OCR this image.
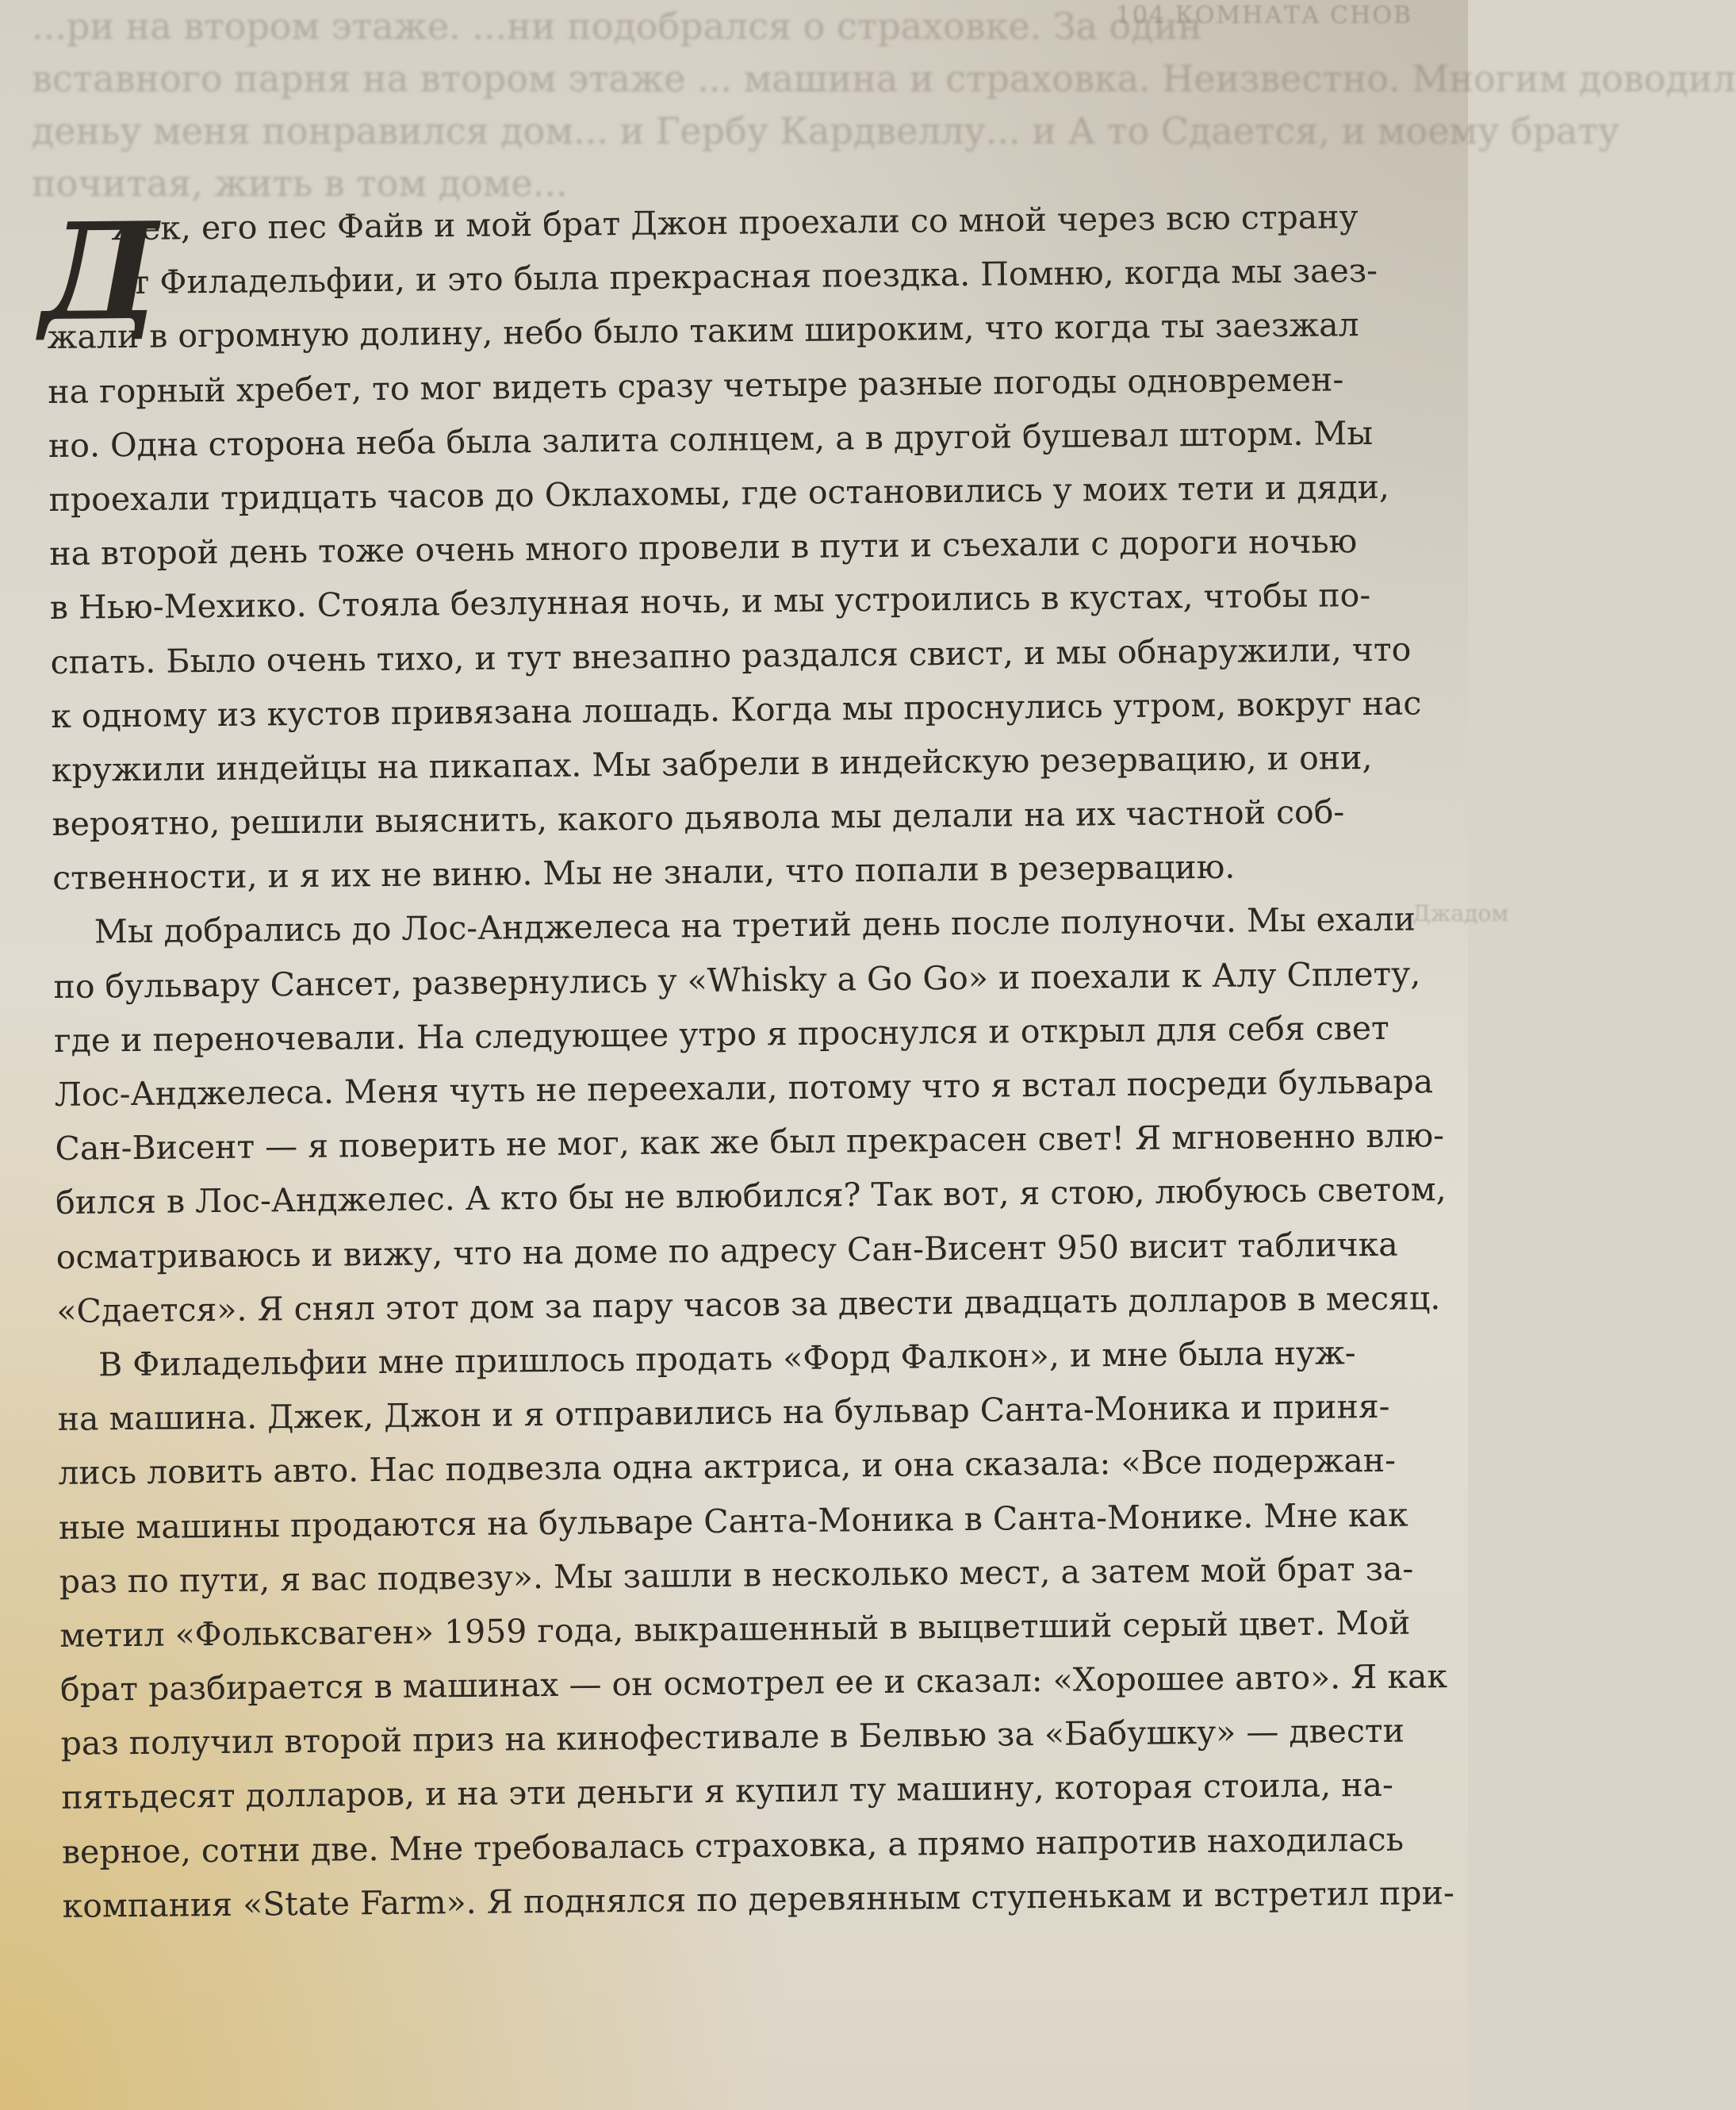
104 КОМНАТА СНОВ
...ри на втором этаже. ...ни подобрался о страховке. За один
вставного парня на втором этаже ... машина и страховка. Неизвестно. Многим доводил
деньу меня понравился дом... и Гербу Кардвеллу... и А то Сдается, и моему брату
почитая, жить в том доме...
Джадом
Д
жек, его пес Файв и мой брат Джон проехали со мной через всю страну
от Филадельфии, и это была прекрасная поездка. Помню, когда мы заез-
жали в огромную долину, небо было таким широким, что когда ты заезжал
на горный хребет, то мог видеть сразу четыре разные погоды одновремен-
но. Одна сторона неба была залита солнцем, а в другой бушевал шторм. Мы
проехали тридцать часов до Оклахомы, где остановились у моих тети и дяди,
на второй день тоже очень много провели в пути и съехали с дороги ночью
в Нью-Мехико. Стояла безлунная ночь, и мы устроились в кустах, чтобы по-
спать. Было очень тихо, и тут внезапно раздался свист, и мы обнаружили, что
к одному из кустов привязана лошадь. Когда мы проснулись утром, вокруг нас
кружили индейцы на пикапах. Мы забрели в индейскую резервацию, и они,
вероятно, решили выяснить, какого дьявола мы делали на их частной соб-
ственности, и я их не виню. Мы не знали, что попали в резервацию.
Мы добрались до Лос-Анджелеса на третий день после полуночи. Мы ехали
по бульвару Сансет, развернулись у «Whisky a Go Go» и поехали к Алу Сплету,
где и переночевали. На следующее утро я проснулся и открыл для себя свет
Лос-Анджелеса. Меня чуть не переехали, потому что я встал посреди бульвара
Сан-Висент — я поверить не мог, как же был прекрасен свет! Я мгновенно влю-
бился в Лос-Анджелес. А кто бы не влюбился? Так вот, я стою, любуюсь светом,
осматриваюсь и вижу, что на доме по адресу Сан-Висент 950 висит табличка
«Сдается». Я снял этот дом за пару часов за двести двадцать долларов в месяц.
В Филадельфии мне пришлось продать «Форд Фалкон», и мне была нуж-
на машина. Джек, Джон и я отправились на бульвар Санта-Моника и приня-
лись ловить авто. Нас подвезла одна актриса, и она сказала: «Все подержан-
ные машины продаются на бульваре Санта-Моника в Санта-Монике. Мне как
раз по пути, я вас подвезу». Мы зашли в несколько мест, а затем мой брат за-
метил «Фольксваген» 1959 года, выкрашенный в выцветший серый цвет. Мой
брат разбирается в машинах — он осмотрел ее и сказал: «Хорошее авто». Я как
раз получил второй приз на кинофестивале в Белвью за «Бабушку» — двести
пятьдесят долларов, и на эти деньги я купил ту машину, которая стоила, на-
верное, сотни две. Мне требовалась страховка, а прямо напротив находилась
компания «State Farm». Я поднялся по деревянным ступенькам и встретил при-
